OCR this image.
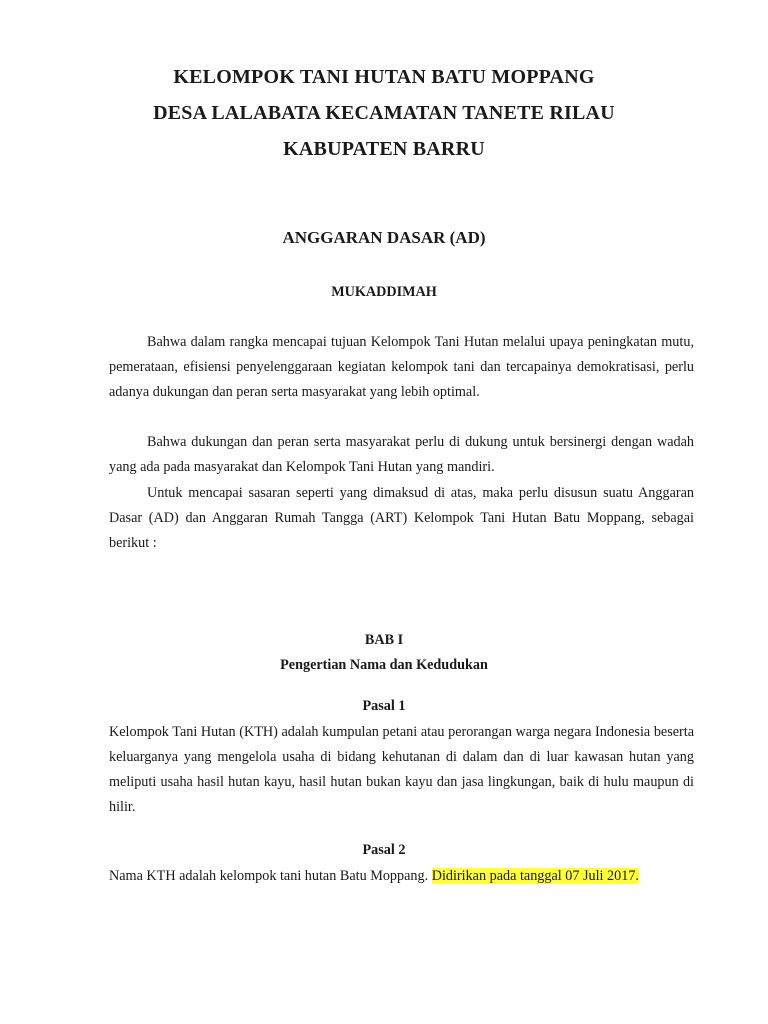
KELOMPOK TANI HUTAN BATU MOPPANG
DESA LALABATA KECAMATAN TANETE RILAU
KABUPATEN BARRU
ANGGARAN DASAR (AD)
MUKADDIMAH
Bahwa dalam rangka mencapai tujuan Kelompok Tani Hutan melalui upaya peningkatan mutu, pemerataan, efisiensi penyelenggaraan kegiatan kelompok tani dan tercapainya demokratisasi, perlu adanya dukungan dan peran serta masyarakat yang lebih optimal.
Bahwa dukungan dan peran serta masyarakat perlu di dukung untuk bersinergi dengan wadah yang ada pada masyarakat dan Kelompok Tani Hutan yang mandiri.
Untuk mencapai sasaran seperti yang dimaksud di atas, maka perlu disusun suatu Anggaran Dasar (AD) dan Anggaran Rumah Tangga (ART) Kelompok Tani Hutan Batu Moppang, sebagai berikut :
BAB I
Pengertian Nama dan Kedudukan
Pasal 1
Kelompok Tani Hutan (KTH) adalah kumpulan petani atau perorangan warga negara Indonesia beserta keluarganya yang mengelola usaha di bidang kehutanan di dalam dan di luar kawasan hutan yang meliputi usaha hasil hutan kayu, hasil hutan bukan kayu dan jasa lingkungan, baik di hulu maupun di hilir.
Pasal 2
Nama KTH adalah kelompok tani hutan Batu Moppang. Didirikan pada tanggal 07 Juli 2017.
